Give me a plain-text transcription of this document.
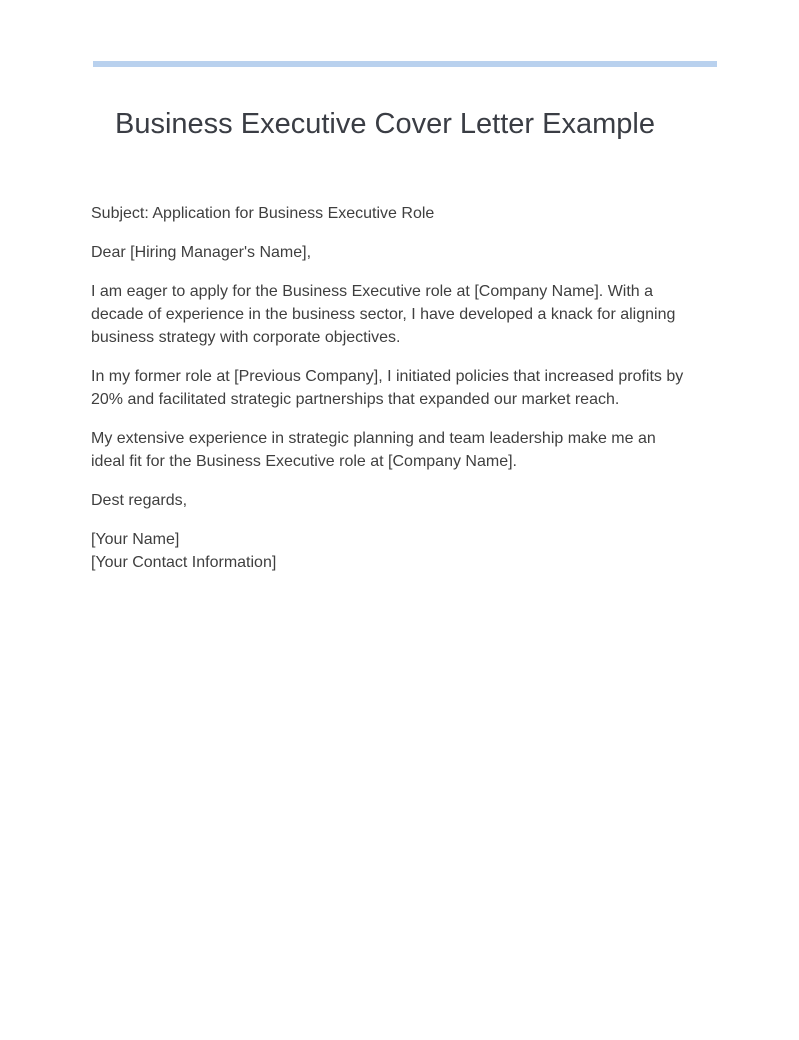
Business Executive Cover Letter Example

Subject: Application for Business Executive Role

Dear [Hiring Manager's Name],

I am eager to apply for the Business Executive role at [Company Name]. With a decade of experience in the business sector, I have developed a knack for aligning business strategy with corporate objectives.

In my former role at [Previous Company], I initiated policies that increased profits by 20% and facilitated strategic partnerships that expanded our market reach.

My extensive experience in strategic planning and team leadership make me an ideal fit for the Business Executive role at [Company Name].

Dest regards,

[Your Name]
[Your Contact Information]
